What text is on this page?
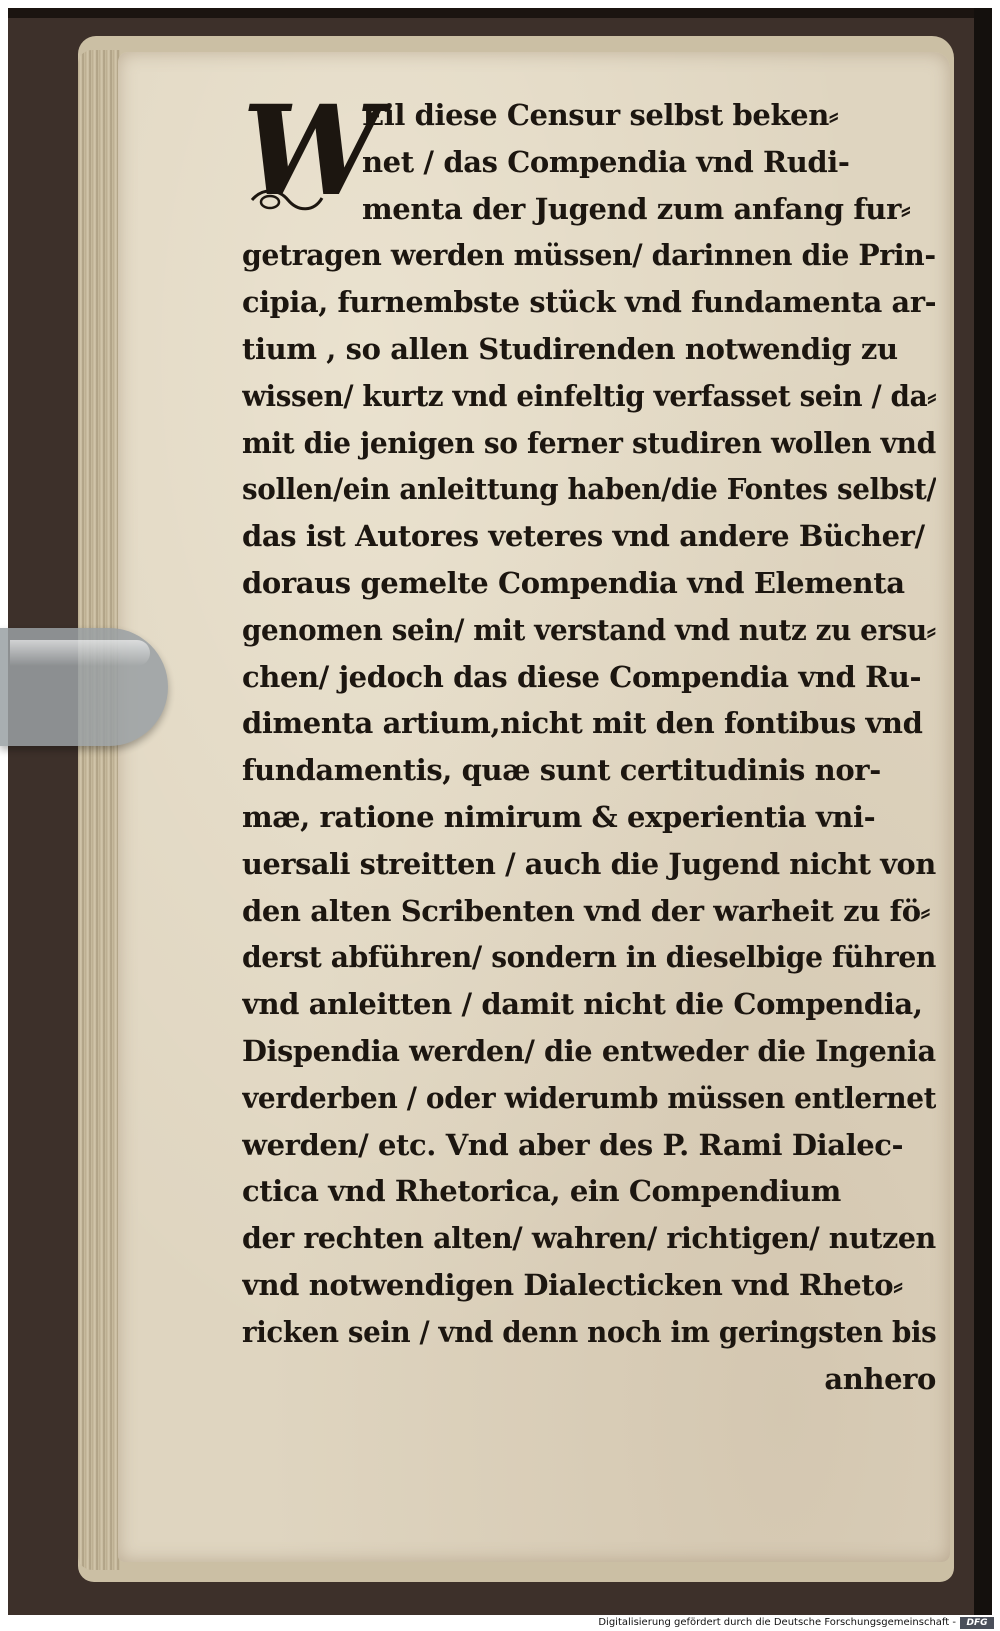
W
Eil diese Censur selbst beken⸗
net / das Compendia vnd Rudi-
menta der Jugend zum anfang fur⸗
getragen werden müssen/ darinnen die Prin-
cipia, furnembste stück vnd fundamenta ar-
tium , so allen Studirenden notwendig zu
wissen/ kurtz vnd einfeltig verfasset sein / da⸗
mit die jenigen so ferner studiren wollen vnd
sollen/ein anleittung haben/die Fontes selbst/
das ist Autores veteres vnd andere Bücher/
doraus gemelte Compendia vnd Elementa
genomen sein/ mit verstand vnd nutz zu ersu⸗
chen/ jedoch das diese Compendia vnd Ru-
dimenta artium,nicht mit den fontibus vnd
fundamentis, quæ sunt certitudinis nor-
mæ, ratione nimirum & experientia vni-
uersali streitten / auch die Jugend nicht von
den alten Scribenten vnd der warheit zu fö⸗
derst abführen/ sondern in dieselbige führen
vnd anleitten / damit nicht die Compendia,
Dispendia werden/ die entweder die Ingenia
verderben / oder widerumb müssen entlernet
werden/ etc. Vnd aber des P. Rami Dialec-
ctica vnd Rhetorica, ein Compendium
der rechten alten/ wahren/ richtigen/ nutzen
vnd notwendigen Dialecticken vnd Rheto⸗
ricken sein / vnd denn noch im geringsten bis
anhero
Digitalisierung gefördert durch die Deutsche Forschungsgemeinschaft -	DFG
